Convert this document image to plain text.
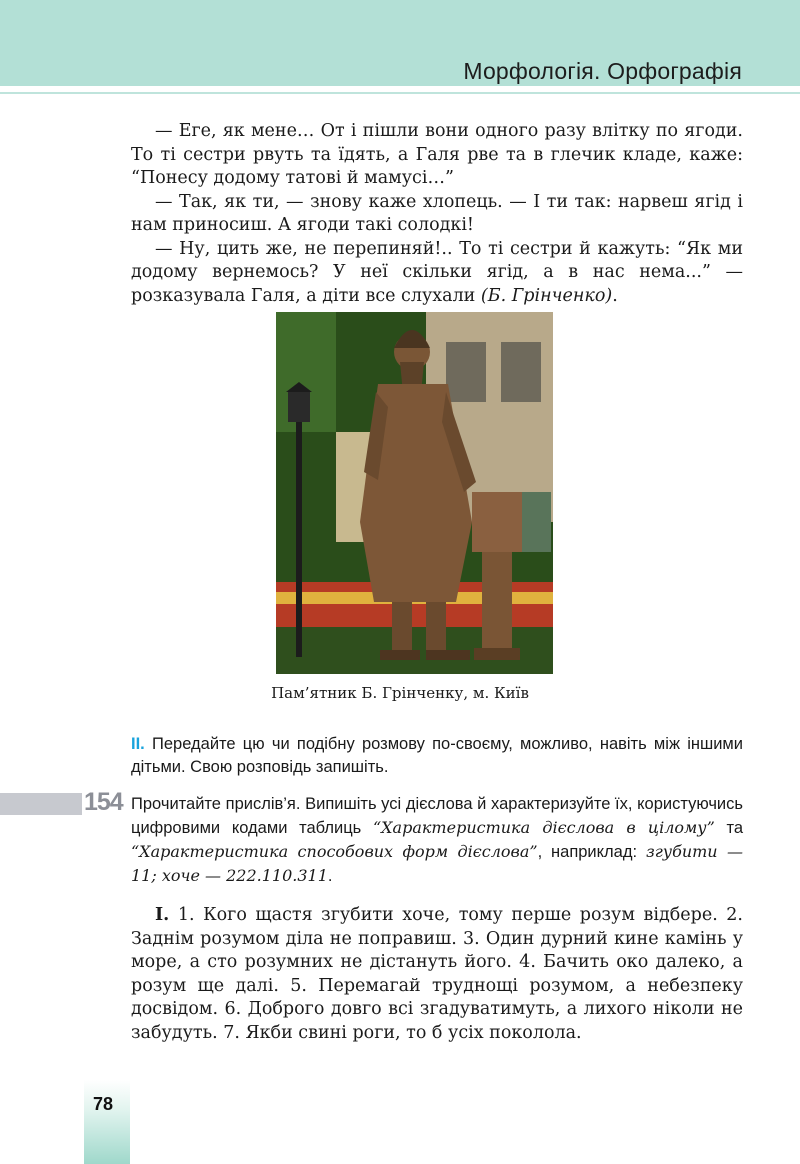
Морфологія. Орфографія

— Еге, як мене… От і пішли вони одного разу влітку по ягоди. То ті сестри рвуть та їдять, а Галя рве та в глечик кладе, каже: “Понесу додому татові й мамусі…”

— Так, як ти, — знову каже хлопець. — І ти так: нарвеш ягід і нам приносиш. А ягоди такі солодкі!

— Ну, цить же, не перепиняй!.. То ті сестри й кажуть: “Як ми додому вернемось? У неї скільки ягід, а в нас нема...” — розказувала Галя, а діти все слухали (Б. Грінченко).

Пам’ятник Б. Грінченку, м. Київ
ІІ. Передайте цю чи подібну розмову по-своєму, можливо, навіть між іншими дітьми. Свою розповідь запишіть.
154 Прочитайте прислів’я. Випишіть усі дієслова й характеризуйте їх, користуючись цифровими кодами таблиць “Характеристика дієслова в цілому” та “Характеристика способових форм дієслова”, наприклад: згубити — 11; хоче — 222.110.311.

І. 1. Кого щастя згубити хоче, тому перше розум відбере. 2. Заднім розумом діла не поправиш. 3. Один дурний кине камінь у море, а сто розумних не дістануть його. 4. Бачить око далеко, а розум ще далі. 5. Перемагай труднощі розумом, а небезпеку досвідом. 6. Доброго довго всі згадуватимуть, а лихого ніколи не забудуть. 7. Якби свині роги, то б усіх поколола.

78
